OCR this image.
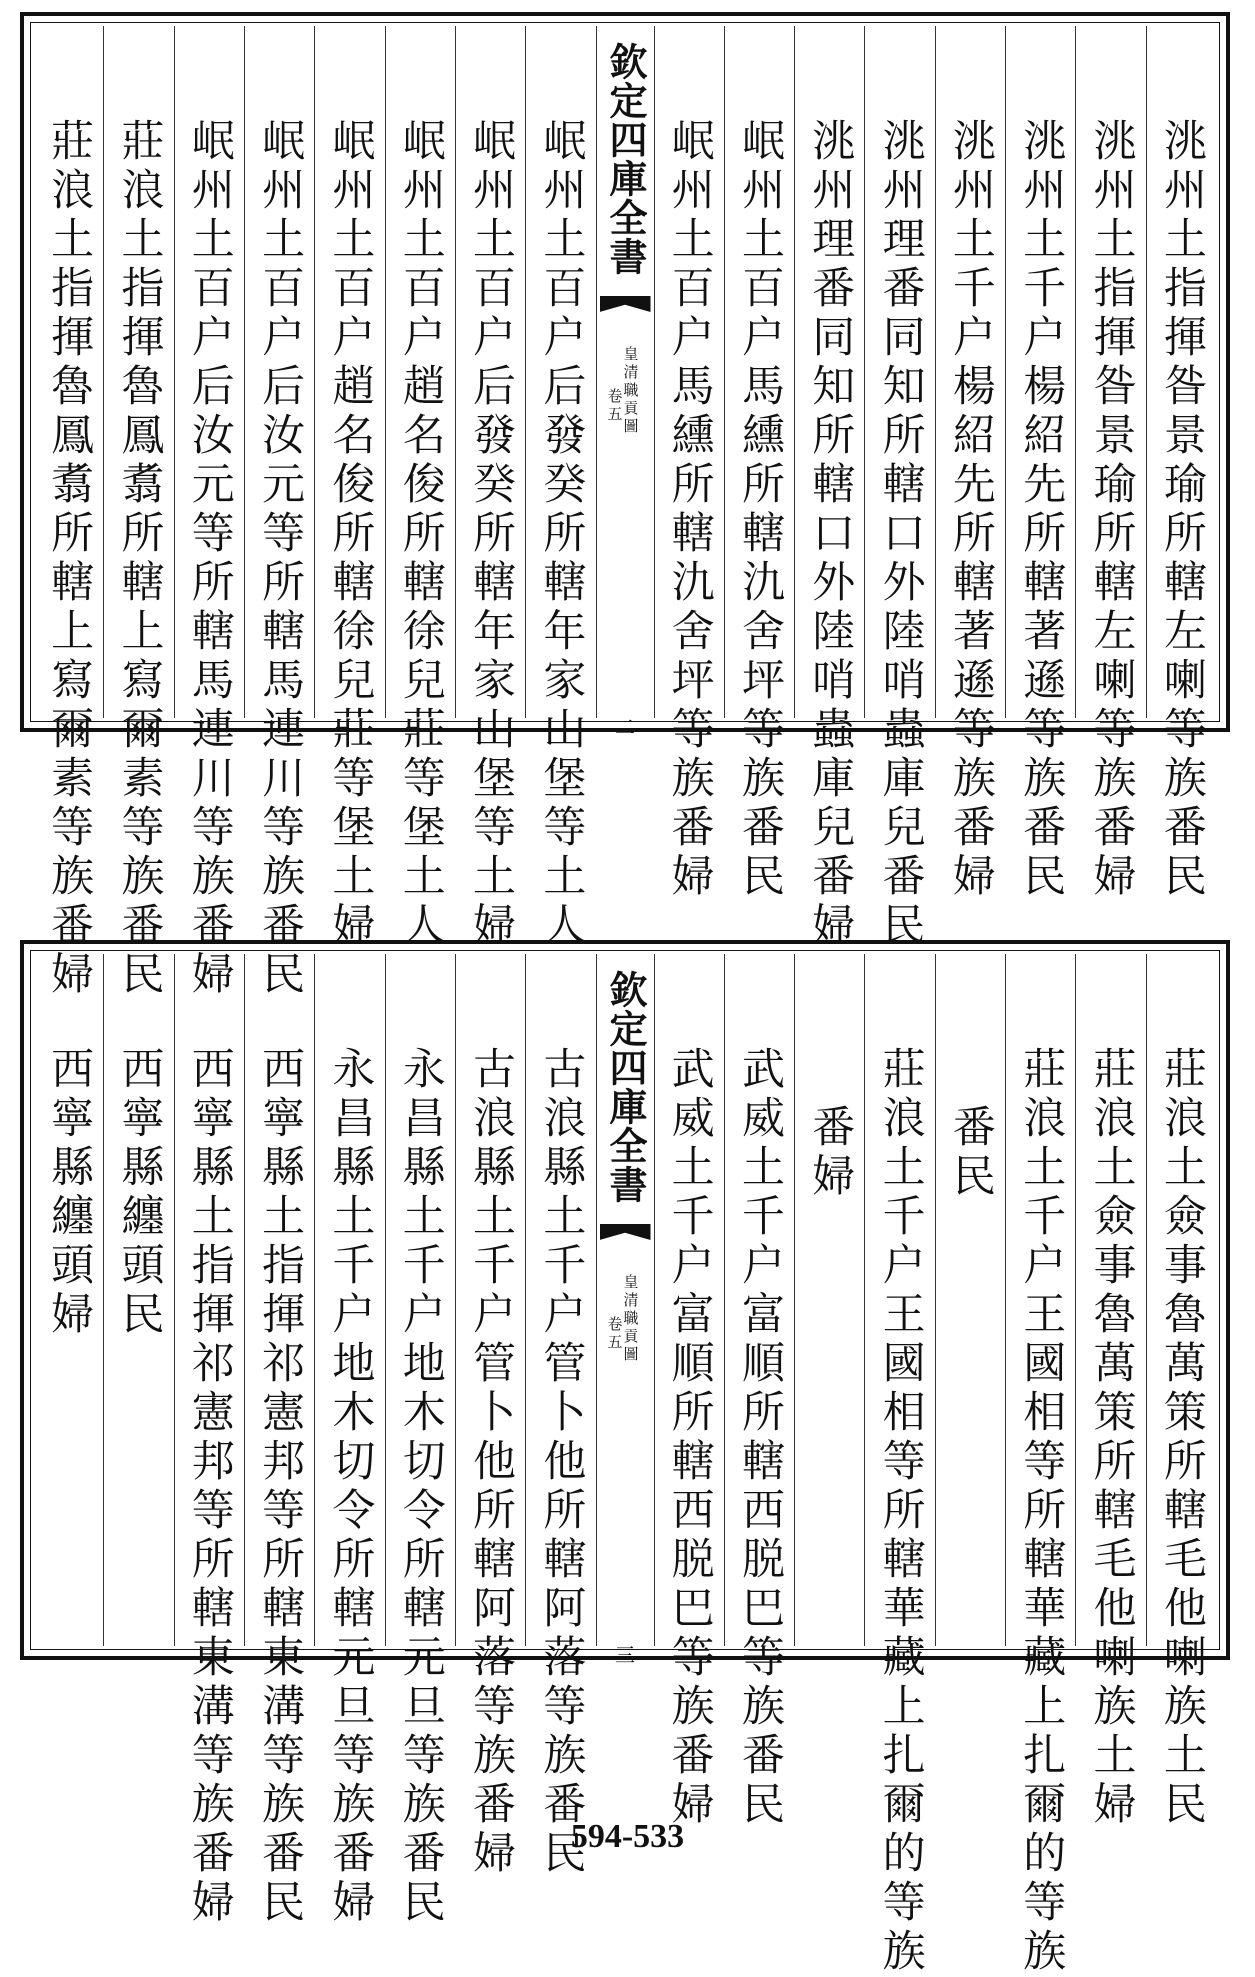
洮州土指揮昝景瑜所轄左喇等族番民
洮州土指揮昝景瑜所轄左喇等族番婦
洮州土千户楊紹先所轄著遜等族番民
洮州土千户楊紹先所轄著遜等族番婦
洮州理番同知所轄口外陸哨蟲庫兒番民
洮州理番同知所轄口外陸哨蟲庫兒番婦
岷州土百户馬纁所轄氿舍坪等族番民
岷州土百户馬纁所轄氿舍坪等族番婦
欽定四庫全書
皇清職貢圖
卷五
二
岷州土百户后發癸所轄年家山堡等土人
岷州土百户后發癸所轄年家山堡等土婦
岷州土百户趙名俊所轄徐兒莊等堡土人
岷州土百户趙名俊所轄徐兒莊等堡土婦
岷州土百户后汝元等所轄馬連川等族番民
岷州土百户后汝元等所轄馬連川等族番婦
莊浪土指揮魯鳳翥所轄上寫爾素等族番民
莊浪土指揮魯鳳翥所轄上寫爾素等族番婦
莊浪土僉事魯萬策所轄毛他喇族土民
莊浪土僉事魯萬策所轄毛他喇族土婦
莊浪土千户王國相等所轄華藏上扎爾的等族
番民
莊浪土千户王國相等所轄華藏上扎爾的等族
番婦
武威土千户富順所轄西脱巴等族番民
武威土千户富順所轄西脱巴等族番婦
欽定四庫全書
皇清職貢圖
卷五
三
古浪縣土千户管卜他所轄阿落等族番民
古浪縣土千户管卜他所轄阿落等族番婦
永昌縣土千户地木切令所轄元旦等族番民
永昌縣土千户地木切令所轄元旦等族番婦
西寧縣土指揮祁憲邦等所轄東溝等族番民
西寧縣土指揮祁憲邦等所轄東溝等族番婦
西寧縣纏頭民
西寧縣纏頭婦
594-533
